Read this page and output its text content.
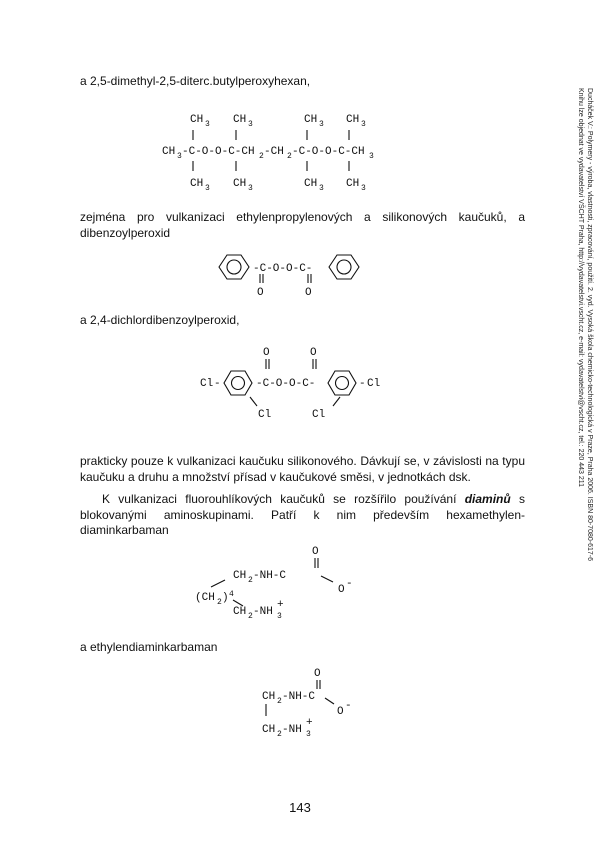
a 2,5-dimethyl-2,5-diterc.butylperoxyhexan,
CH 3 CH 3	CH 3 CH 3
CH 3 -C-O-O-C-CH 2 -CH 2 -C-O-O-C-CH 3
CH 3 CH 3	CH 3 CH 3
zejména pro vulkanizaci ethylenpropylenových a silikonových kaučuků, a dibenzoylperoxid
-C-O-O-C-
O	O
a 2,4-dichlordibenzoylperoxid,
O	O
Cl -	-C-O-O-C-	- Cl
Cl	Cl
prakticky pouze k vulkanizaci kaučuku silikonového. Dávkují se, v závislosti na typu kaučuku a druhu a množství přísad v kaučukové směsi, v jednotkách dsk.
K vulkanizaci fluorouhlíkových kaučuků se rozšířilo používání diaminů s blokovanými aminoskupinami. Patří k nim především hexamethylen-diaminkarbaman
O
CH 2 -NH-C
O -
(CH 2 ) 4
CH 2 -NH 3
+
a ethylendiaminkarbaman
O
CH 2 -NH-C
O -
CH 2 -NH 3
+
143
Ducháček V.: Polymery - výroba, vlastnosti, zpracování, použití. 2. vyd. Vysoká škola chemicko-technologická v Praze, Praha 2006. ISBN 80-7080-617-6
Knihu lze objednat ve vydavatelství VŠCHT Praha, http://vydavatelstvi.vscht.cz, e-mail: vydavatelstvi@vscht.cz, tel.: 220 443 211
